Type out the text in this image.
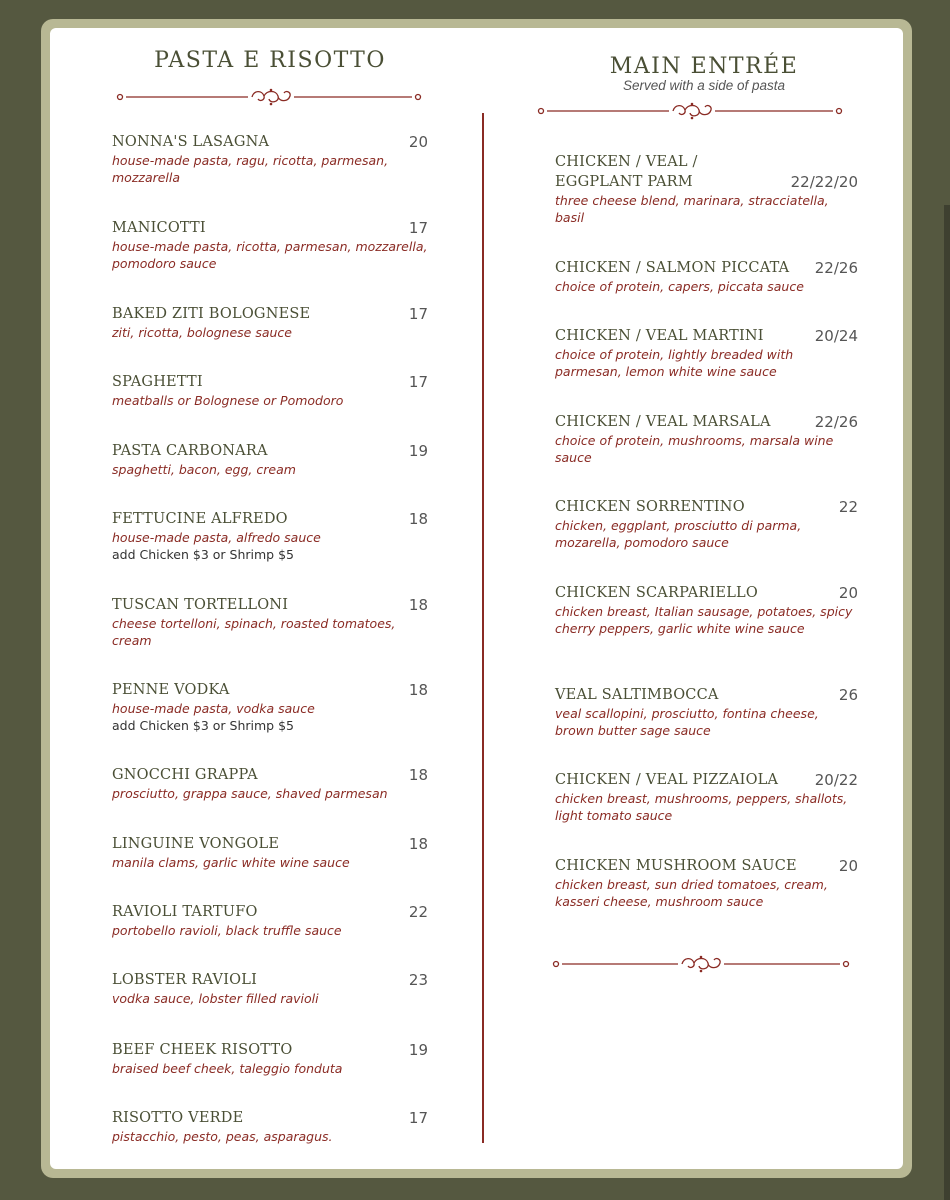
PASTA E RISOTTO
NONNA'S LASAGNA	20
house-made pasta, ragu, ricotta, parmesan, mozzarella
MANICOTTI	17
house-made pasta, ricotta, parmesan, mozzarella, pomodoro sauce
BAKED ZITI BOLOGNESE	17
ziti, ricotta, bolognese sauce
SPAGHETTI	17
meatballs or Bolognese or Pomodoro
PASTA CARBONARA	19
spaghetti, bacon, egg, cream
FETTUCINE ALFREDO	18
house-made pasta, alfredo sauce
add Chicken $3 or Shrimp $5
TUSCAN TORTELLONI	18
cheese tortelloni, spinach, roasted tomatoes, cream
PENNE VODKA	18
house-made pasta, vodka sauce
add Chicken $3 or Shrimp $5
GNOCCHI GRAPPA	18
prosciutto, grappa sauce, shaved parmesan
LINGUINE VONGOLE	18
manila clams, garlic white wine sauce
RAVIOLI TARTUFO	22
portobello ravioli, black truffle sauce
LOBSTER RAVIOLI	23
vodka sauce, lobster filled ravioli
BEEF CHEEK RISOTTO	19
braised beef cheek, taleggio fonduta
RISOTTO VERDE	17
pistacchio, pesto, peas, asparagus.
MAIN ENTRÉE
Served with a side of pasta
CHICKEN / VEAL /
EGGPLANT PARM	22/22/20
three cheese blend, marinara, stracciatella, basil
CHICKEN / SALMON PICCATA 22/26
choice of protein, capers, piccata sauce
CHICKEN / VEAL MARTINI	20/24
choice of protein, lightly breaded with parmesan, lemon white wine sauce
CHICKEN / VEAL MARSALA	22/26
choice of protein, mushrooms, marsala wine sauce
CHICKEN SORRENTINO	22
chicken, eggplant, prosciutto di parma, mozarella, pomodoro sauce
CHICKEN SCARPARIELLO	20
chicken breast, Italian sausage, potatoes, spicy cherry peppers, garlic white wine sauce
VEAL SALTIMBOCCA	26
veal scallopini, prosciutto, fontina cheese, brown butter sage sauce
CHICKEN / VEAL PIZZAIOLA 20/22
chicken breast, mushrooms, peppers, shallots, light tomato sauce
CHICKEN MUSHROOM SAUCE	20
chicken breast, sun dried tomatoes, cream, kasseri cheese, mushroom sauce
